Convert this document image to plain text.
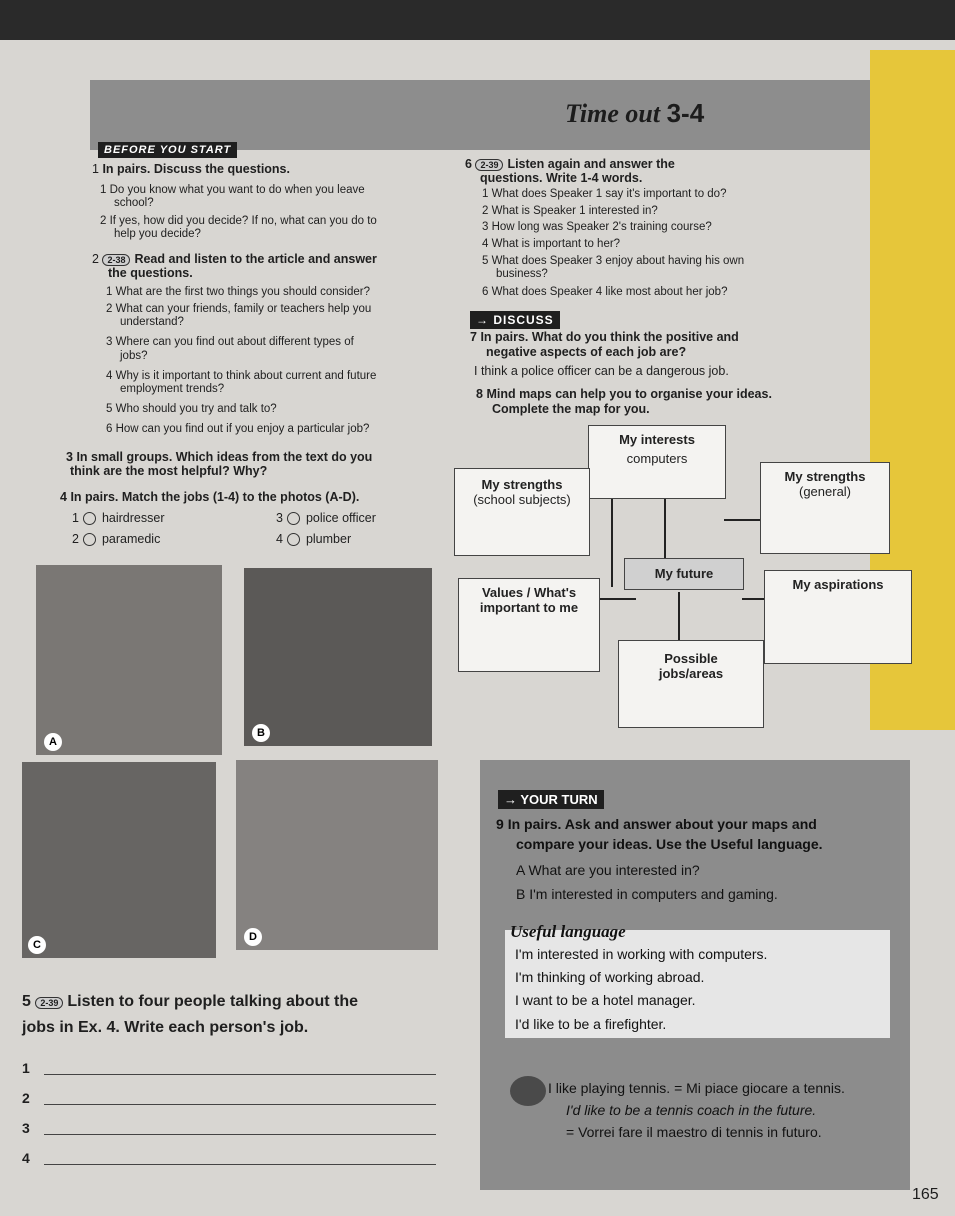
Time out 3-4
BEFORE YOU START
1 In pairs. Discuss the questions.
1 Do you know what you want to do when you leave
school?
2 If yes, how did you decide? If no, what can you do to
help you decide?
2 2-38 Read and listen to the article and answer
the questions.
1 What are the first two things you should consider?
2 What can your friends, family or teachers help you
understand?
3 Where can you find out about different types of
jobs?
4 Why is it important to think about current and future
employment trends?
5 Who should you try and talk to?
6 How can you find out if you enjoy a particular job?
3 In small groups. Which ideas from the text do you
think are the most helpful? Why?
4 In pairs. Match the jobs (1-4) to the photos (A-D).
1 hairdresser
2 paramedic
3 police officer
4 plumber
A
B
C
D
5 2-39 Listen to four people talking about the
jobs in Ex. 4. Write each person's job.
1
2
3
4
6 2-39 Listen again and answer the
questions. Write 1-4 words.
1 What does Speaker 1 say it's important to do?
2 What is Speaker 1 interested in?
3 How long was Speaker 2's training course?
4 What is important to her?
5 What does Speaker 3 enjoy about having his own
business?
6 What does Speaker 4 like most about her job?
→ DISCUSS
7 In pairs. What do you think the positive and
negative aspects of each job are?
I think a police officer can be a dangerous job.
8 Mind maps can help you to organise your ideas.
Complete the map for you.
My interests
computers
My strengths
(school subjects)
My strengths
(general)
My future
Values / What's
important to me
My aspirations
Possible
jobs/areas
→ YOUR TURN
9 In pairs. Ask and answer about your maps and
compare your ideas. Use the Useful language.
A What are you interested in?
B I'm interested in computers and gaming.
Useful language
I'm interested in working with computers.
I'm thinking of working abroad.
I want to be a hotel manager.
I'd like to be a firefighter.
I like playing tennis. = Mi piace giocare a tennis.
I'd like to be a tennis coach in the future.
= Vorrei fare il maestro di tennis in futuro.
165
